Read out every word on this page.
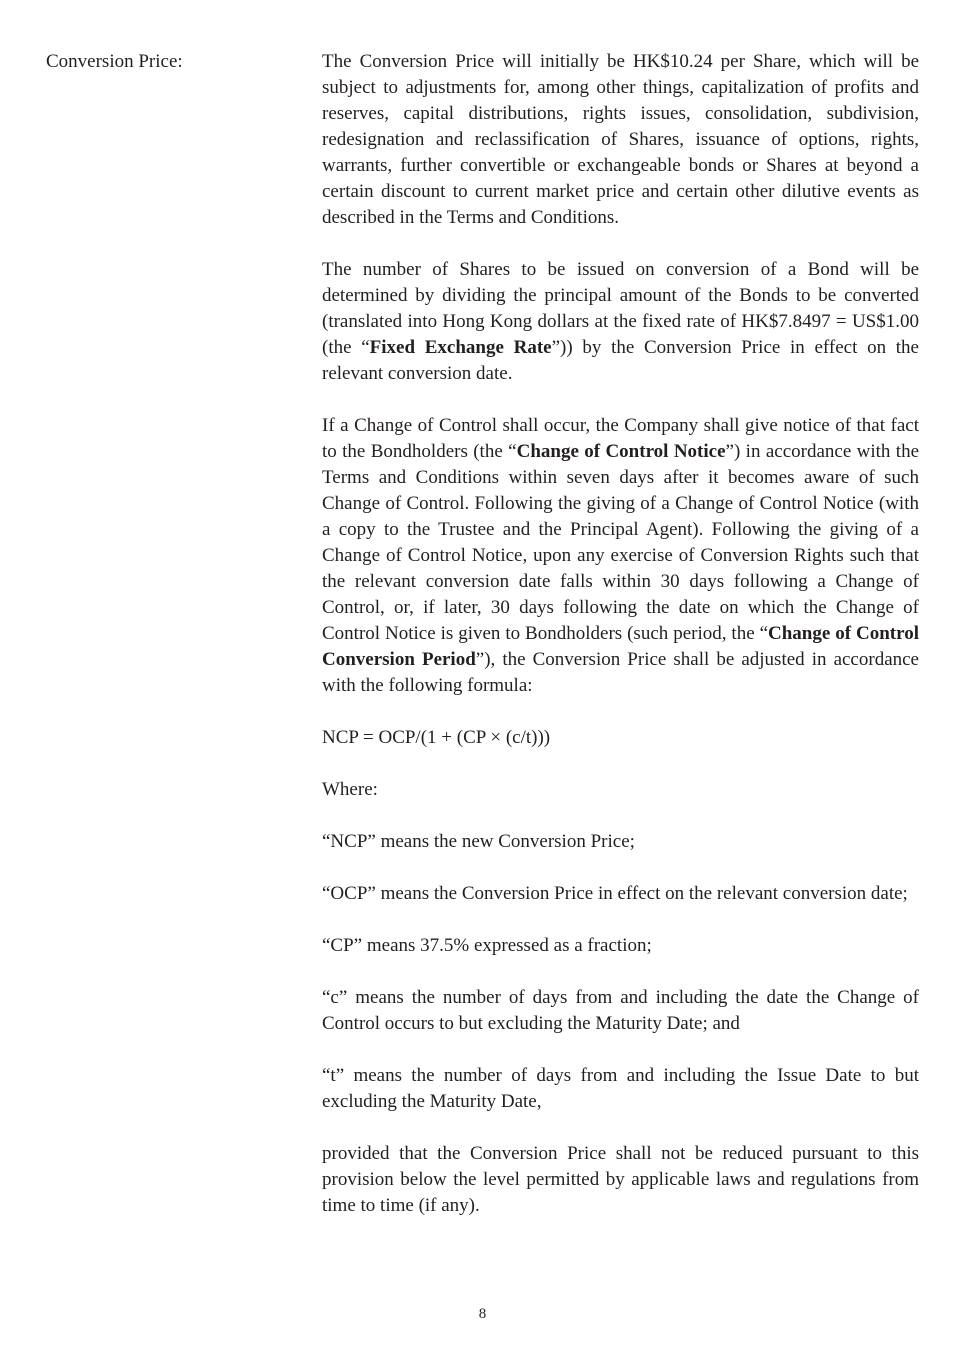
Conversion Price:	The Conversion Price will initially be HK$10.24 per Share, which will be subject to adjustments for, among other things, capitalization of profits and reserves, capital distributions, rights issues, consolidation, subdivision, redesignation and reclassification of Shares, issuance of options, rights, warrants, further convertible or exchangeable bonds or Shares at beyond a certain discount to current market price and certain other dilutive events as described in the Terms and Conditions.

The number of Shares to be issued on conversion of a Bond will be determined by dividing the principal amount of the Bonds to be converted (translated into Hong Kong dollars at the fixed rate of HK$7.8497 = US$1.00 (the “Fixed Exchange Rate”)) by the Conversion Price in effect on the relevant conversion date.

If a Change of Control shall occur, the Company shall give notice of that fact to the Bondholders (the “Change of Control Notice”) in accordance with the Terms and Conditions within seven days after it becomes aware of such Change of Control. Following the giving of a Change of Control Notice (with a copy to the Trustee and the Principal Agent). Following the giving of a Change of Control Notice, upon any exercise of Conversion Rights such that the relevant conversion date falls within 30 days following a Change of Control, or, if later, 30 days following the date on which the Change of Control Notice is given to Bondholders (such period, the “Change of Control Conversion Period”), the Conversion Price shall be adjusted in accordance with the following formula:

NCP = OCP/(1 + (CP × (c/t)))

Where:

“NCP” means the new Conversion Price;

“OCP” means the Conversion Price in effect on the relevant conversion date;

“CP” means 37.5% expressed as a fraction;

“c” means the number of days from and including the date the Change of Control occurs to but excluding the Maturity Date; and

“t” means the number of days from and including the Issue Date to but excluding the Maturity Date,

provided that the Conversion Price shall not be reduced pursuant to this provision below the level permitted by applicable laws and regulations from time to time (if any).

8
